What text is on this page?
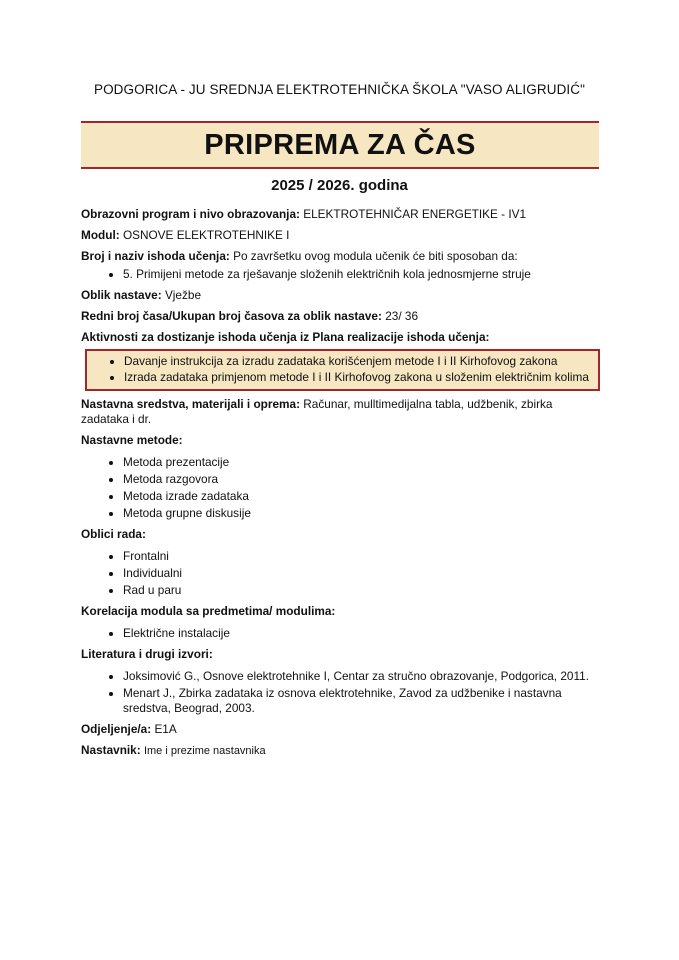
PODGORICA - JU SREDNJA ELEKTROTEHNIČKA ŠKOLA "VASO ALIGRUDIĆ"
PRIPREMA ZA ČAS
2025 / 2026. godina
Obrazovni program i nivo obrazovanja: ELEKTROTEHNIČAR ENERGETIKE - IV1
Modul: OSNOVE ELEKTROTEHNIKE I
Broj i naziv ishoda učenja: Po završetku ovog modula učenik će biti sposoban da:
• 5. Primijeni metode za rješavanje složenih električnih kola jednosmjerne struje
Oblik nastave: Vježbe
Redni broj časa/Ukupan broj časova za oblik nastave: 23/ 36
Aktivnosti za dostizanje ishoda učenja iz Plana realizacije ishoda učenja:
• Davanje instrukcija za izradu zadataka korišćenjem metode I i II Kirhofovog zakona
• Izrada zadataka primjenom metode I i II Kirhofovog zakona u složenim električnim kolima
Nastavna sredstva, materijali i oprema: Računar, mulltimedijalna tabla, udžbenik, zbirka zadataka i dr.
Nastavne metode:
• Metoda prezentacije
• Metoda razgovora
• Metoda izrade zadataka
• Metoda grupne diskusije
Oblici rada:
• Frontalni
• Individualni
• Rad u paru
Korelacija modula sa predmetima/ modulima:
• Električne instalacije
Literatura i drugi izvori:
• Joksimović G., Osnove elektrotehnike I, Centar za stručno obrazovanje, Podgorica, 2011.
• Menart J., Zbirka zadataka iz osnova elektrotehnike, Zavod za udžbenike i nastavna sredstva, Beograd, 2003.
Odjeljenje/a: E1A
Nastavnik: Ime i prezime nastavnika
